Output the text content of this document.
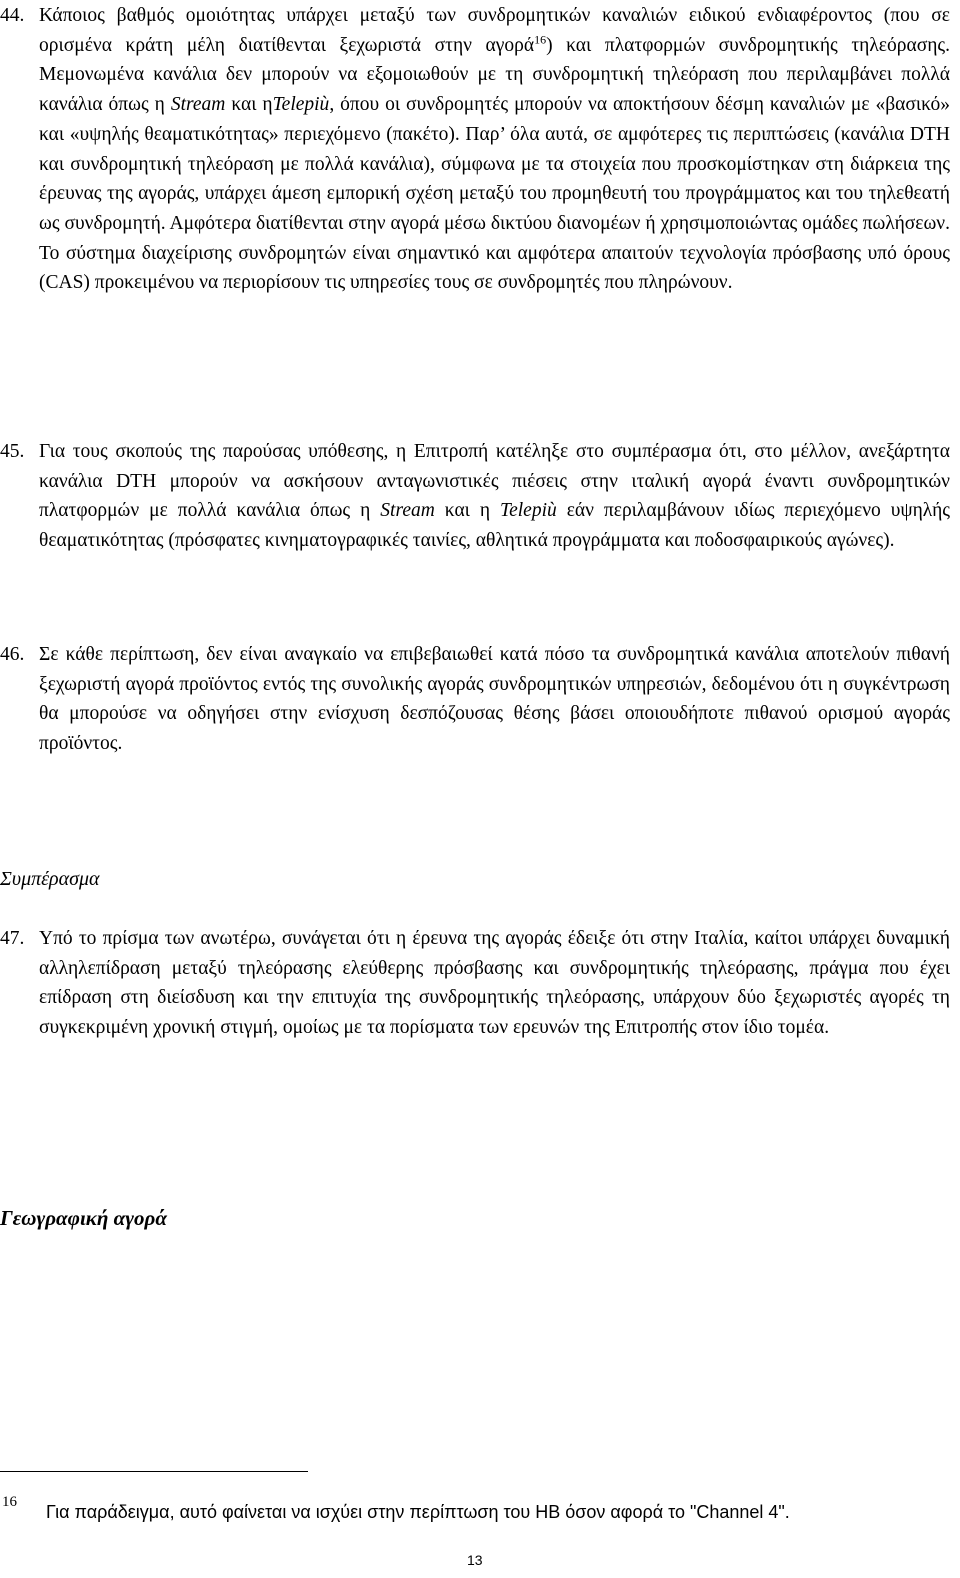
44. Κάποιος βαθμός ομοιότητας υπάρχει μεταξύ των συνδρομητικών καναλιών ειδικού ενδιαφέροντος (που σε ορισμένα κράτη μέλη διατίθενται ξεχωριστά στην αγορά$^{16}$) και πλατφορμών συνδρομητικής τηλεόρασης. Μεμονωμένα κανάλια δεν μπορούν να εξομοιωθούν με τη συνδρομητική τηλεόραση που περιλαμβάνει πολλά κανάλια όπως η Stream και ηTelepiù, όπου οι συνδρομητές μπορούν να αποκτήσουν δέσμη καναλιών με «βασικό» και «υψηλής θεαματικότητας» περιεχόμενο (πακέτο). Παρ’ όλα αυτά, σε αμφότερες τις περιπτώσεις (κανάλια DTH και συνδρομητική τηλεόραση με πολλά κανάλια), σύμφωνα με τα στοιχεία που προσκομίστηκαν στη διάρκεια της έρευνας της αγοράς, υπάρχει άμεση εμπορική σχέση μεταξύ του προμηθευτή του προγράμματος και του τηλεθεατή ως συνδρομητή. Αμφότερα διατίθενται στην αγορά μέσω δικτύου διανομέων ή χρησιμοποιώντας ομάδες πωλήσεων. Το σύστημα διαχείρισης συνδρομητών είναι σημαντικό και αμφότερα απαιτούν τεχνολογία πρόσβασης υπό όρους (CAS) προκειμένου να περιορίσουν τις υπηρεσίες τους σε συνδρομητές που πληρώνουν.
45. Για τους σκοπούς της παρούσας υπόθεσης, η Επιτροπή κατέληξε στο συμπέρασμα ότι, στο μέλλον, ανεξάρτητα κανάλια DTH μπορούν να ασκήσουν ανταγωνιστικές πιέσεις στην ιταλική αγορά έναντι συνδρομητικών πλατφορμών με πολλά κανάλια όπως η Stream και η Telepiù εάν περιλαμβάνουν ιδίως περιεχόμενο υψηλής θεαματικότητας (πρόσφατες κινηματογραφικές ταινίες, αθλητικά προγράμματα και ποδοσφαιρικούς αγώνες).
46. Σε κάθε περίπτωση, δεν είναι αναγκαίο να επιβεβαιωθεί κατά πόσο τα συνδρομητικά κανάλια αποτελούν πιθανή ξεχωριστή αγορά προϊόντος εντός της συνολικής αγοράς συνδρομητικών υπηρεσιών, δεδομένου ότι η συγκέντρωση θα μπορούσε να οδηγήσει στην ενίσχυση δεσπόζουσας θέσης βάσει οποιουδήποτε πιθανού ορισμού αγοράς προϊόντος.
Συμπέρασμα
47. Υπό το πρίσμα των ανωτέρω, συνάγεται ότι η έρευνα της αγοράς έδειξε ότι στην Ιταλία, καίτοι υπάρχει δυναμική αλληλεπίδραση μεταξύ τηλεόρασης ελεύθερης πρόσβασης και συνδρομητικής τηλεόρασης, πράγμα που έχει επίδραση στη διείσδυση και την επιτυχία της συνδρομητικής τηλεόρασης, υπάρχουν δύο ξεχωριστές αγορές τη συγκεκριμένη χρονική στιγμή, ομοίως με τα πορίσματα των ερευνών της Επιτροπής στον ίδιο τομέα.
Γεωγραφική αγορά
16 Για παράδειγμα, αυτό φαίνεται να ισχύει στην περίπτωση του ΗΒ όσον αφορά το "Channel 4".
13
